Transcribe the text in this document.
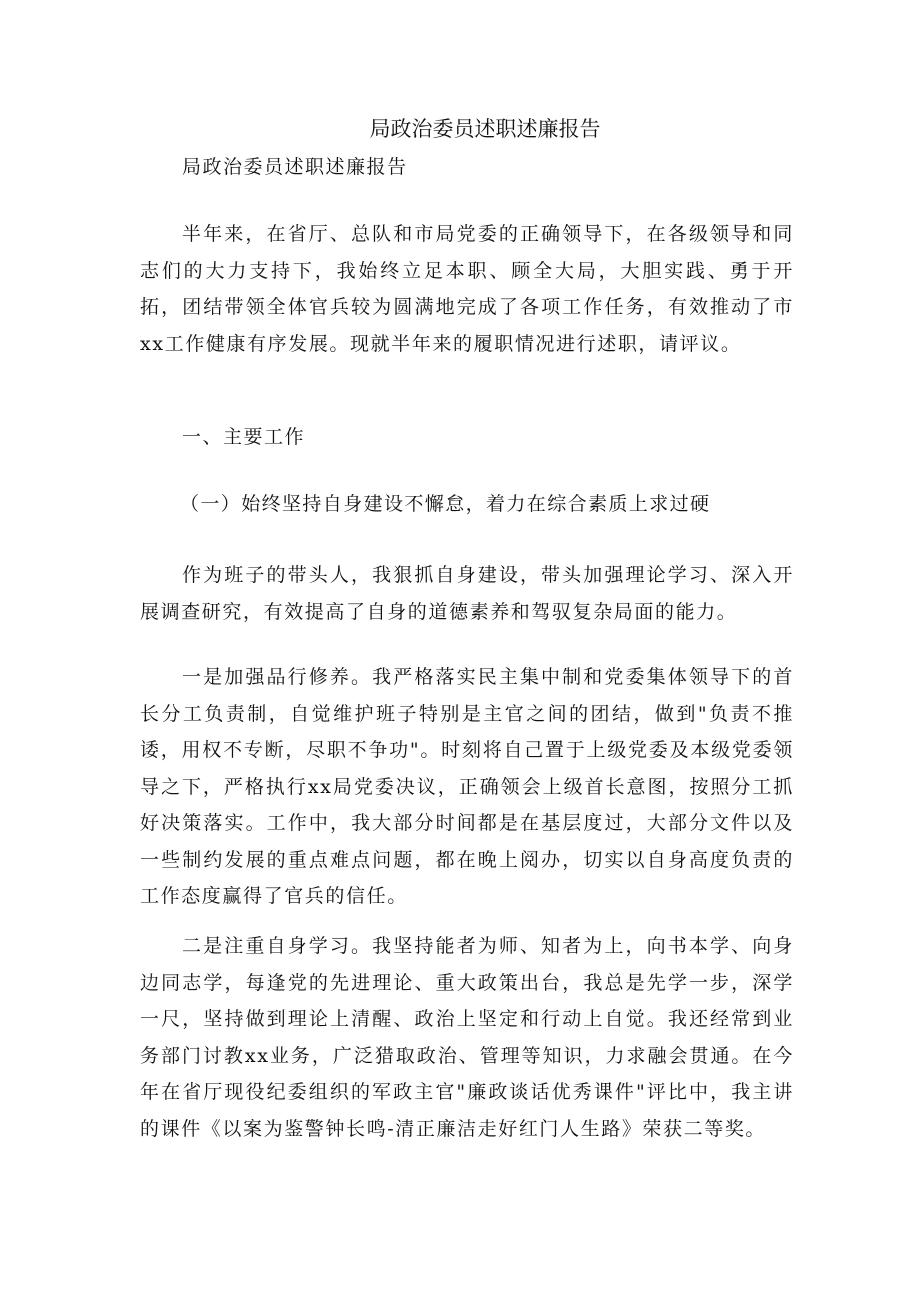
局政治委员述职述廉报告

局政治委员述职述廉报告

半年来，在省厅、总队和市局党委的正确领导下，在各级领导和同志们的大力支持下，我始终立足本职、顾全大局，大胆实践、勇于开拓，团结带领全体官兵较为圆满地完成了各项工作任务，有效推动了市xx工作健康有序发展。现就半年来的履职情况进行述职，请评议。

一、主要工作

（一）始终坚持自身建设不懈怠，着力在综合素质上求过硬

作为班子的带头人，我狠抓自身建设，带头加强理论学习、深入开展调查研究，有效提高了自身的道德素养和驾驭复杂局面的能力。

一是加强品行修养。我严格落实民主集中制和党委集体领导下的首长分工负责制，自觉维护班子特别是主官之间的团结，做到"负责不推诿，用权不专断，尽职不争功"。时刻将自己置于上级党委及本级党委领导之下，严格执行xx局党委决议，正确领会上级首长意图，按照分工抓好决策落实。工作中，我大部分时间都是在基层度过，大部分文件以及一些制约发展的重点难点问题，都在晚上阅办，切实以自身高度负责的工作态度赢得了官兵的信任。

二是注重自身学习。我坚持能者为师、知者为上，向书本学、向身边同志学，每逢党的先进理论、重大政策出台，我总是先学一步，深学一尺，坚持做到理论上清醒、政治上坚定和行动上自觉。我还经常到业务部门讨教xx业务，广泛猎取政治、管理等知识，力求融会贯通。在今年在省厅现役纪委组织的军政主官"廉政谈话优秀课件"评比中，我主讲的课件《以案为鉴警钟长鸣-清正廉洁走好红门人生路》荣获二等奖。
